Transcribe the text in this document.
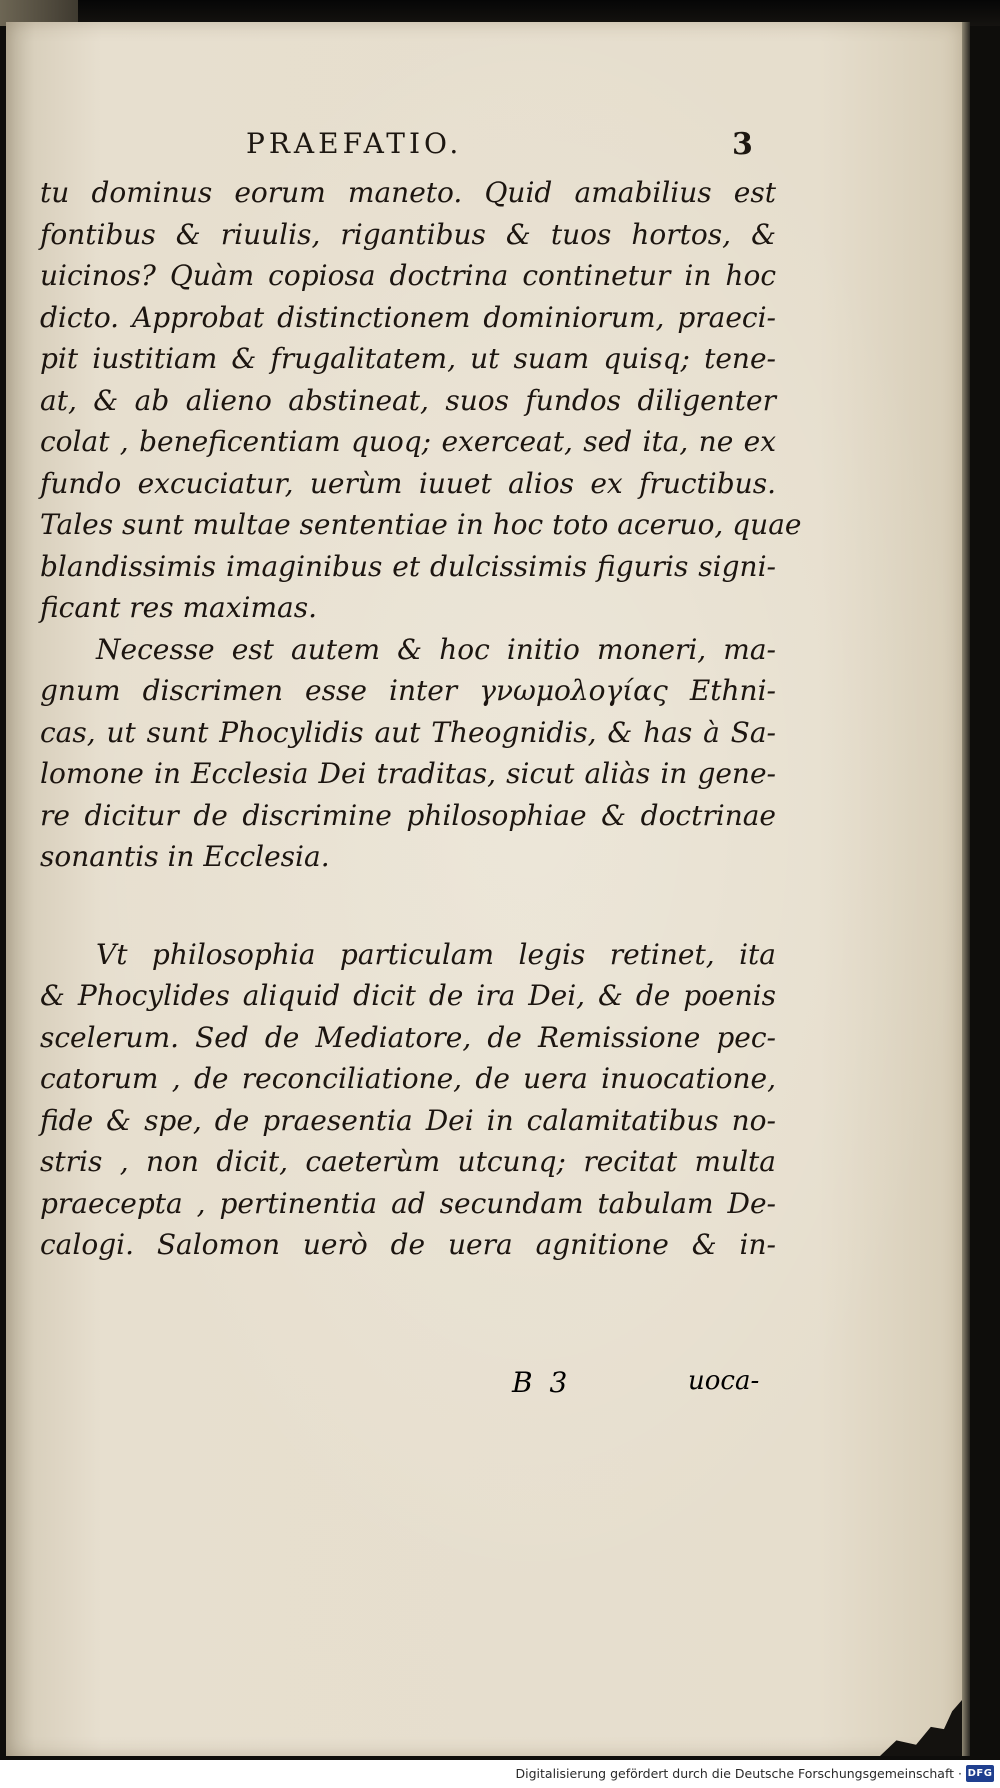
PRAEFATIO.	3
tu dominus eorum maneto. Quid amabilius est
fontibus & riuulis, rigantibus & tuos hortos, &
uicinos? Quàm copiosa doctrina continetur in hoc
dicto. Approbat distinctionem dominiorum, praeci-
pit iustitiam & frugalitatem, ut suam quisq; tene-
at, & ab alieno abstineat, suos fundos diligenter
colat , beneficentiam quoq; exerceat, sed ita, ne ex
fundo excuciatur, uerùm iuuet alios ex fructibus.
Tales sunt multae sententiae in hoc toto aceruo, quae
blandissimis imaginibus et dulcissimis figuris signi-
ficant res maximas.
Necesse est autem & hoc initio moneri, ma-
gnum discrimen esse inter γνωμολογίας Ethni-
cas, ut sunt Phocylidis aut Theognidis, & has à Sa-
lomone in Ecclesia Dei traditas, sicut aliàs in gene-
re dicitur de discrimine philosophiae & doctrinae
sonantis in Ecclesia.
Vt philosophia particulam legis retinet, ita
& Phocylides aliquid dicit de ira Dei, & de poenis
scelerum. Sed de Mediatore, de Remissione pec-
catorum , de reconciliatione, de uera inuocatione,
fide & spe, de praesentia Dei in calamitatibus no-
stris , non dicit, caeterùm utcunq; recitat multa
praecepta , pertinentia ad secundam tabulam De-
calogi. Salomon uerò de uera agnitione & in-
B 3	uoca-
Digitalisierung gefördert durch die Deutsche Forschungsgemeinschaft · DFG
